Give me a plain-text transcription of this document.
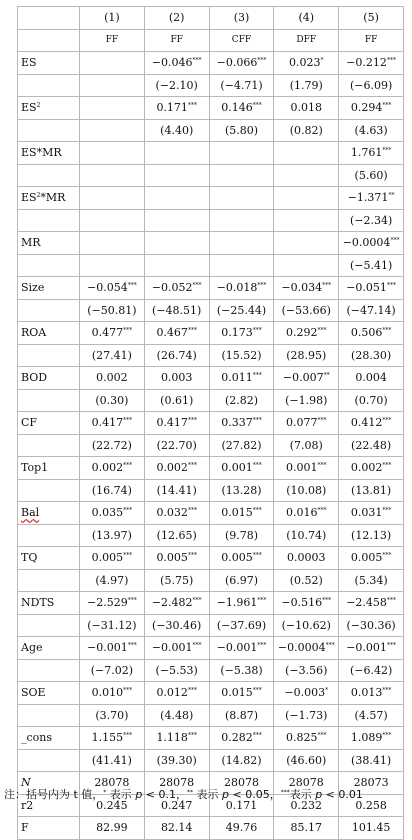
	(1)	(2)	(3)	(4)	(5)
	FF	FF	CFF	DFF	FF
ES		−0.046***	−0.066***	0.023*	−0.212***
		(−2.10)	(−4.71)	(1.79)	(−6.09)
$ES^2$		0.171***	0.146***	0.018	0.294***
		(4.40)	(5.80)	(0.82)	(4.63)
ES*MR					1.761***
					(5.60)
$ES^2*MR$					−1.371**
					(−2.34)
MR					−0.0004***
					(−5.41)
Size	−0.054***	−0.052***	−0.018***	−0.034***	−0.051***
	(−50.81)	(−48.51)	(−25.44)	(−53.66)	(−47.14)
ROA	0.477***	0.467***	0.173***	0.292***	0.506***
	(27.41)	(26.74)	(15.52)	(28.95)	(28.30)
BOD	0.002	0.003	0.011***	−0.007**	0.004
	(0.30)	(0.61)	(2.82)	(−1.98)	(0.70)
CF	0.417***	0.417***	0.337***	0.077***	0.412***
	(22.72)	(22.70)	(27.82)	(7.08)	(22.48)
Top1	0.002***	0.002***	0.001***	0.001***	0.002***
	(16.74)	(14.41)	(13.28)	(10.08)	(13.81)
Bal	0.035***	0.032***	0.015***	0.016***	0.031***
	(13.97)	(12.65)	(9.78)	(10.74)	(12.13)
TQ	0.005***	0.005***	0.005***	0.0003	0.005***
	(4.97)	(5.75)	(6.97)	(0.52)	(5.34)
NDTS	−2.529***	−2.482***	−1.961***	−0.516***	−2.458***
	(−31.12)	(−30.46)	(−37.69)	(−10.62)	(−30.36)
Age	−0.001***	−0.001***	−0.001***	−0.0004***	−0.001***
	(−7.02)	(−5.53)	(−5.38)	(−3.56)	(−6.42)
SOE	0.010***	0.012***	0.015***	−0.003*	0.013***
	(3.70)	(4.48)	(8.87)	(−1.73)	(4.57)
_cons	1.155***	1.118***	0.282***	0.825***	1.089***
	(41.41)	(39.30)	(14.82)	(46.60)	(38.41)
N	28078	28078	28078	28078	28073
r2	0.245	0.247	0.171	0.232	0.258
F	82.99	82.14	49.76	85.17	101.45
注：括号内为 t 值，* 表示 p < 0.1，** 表示 p < 0.05，***表示 p < 0.01
